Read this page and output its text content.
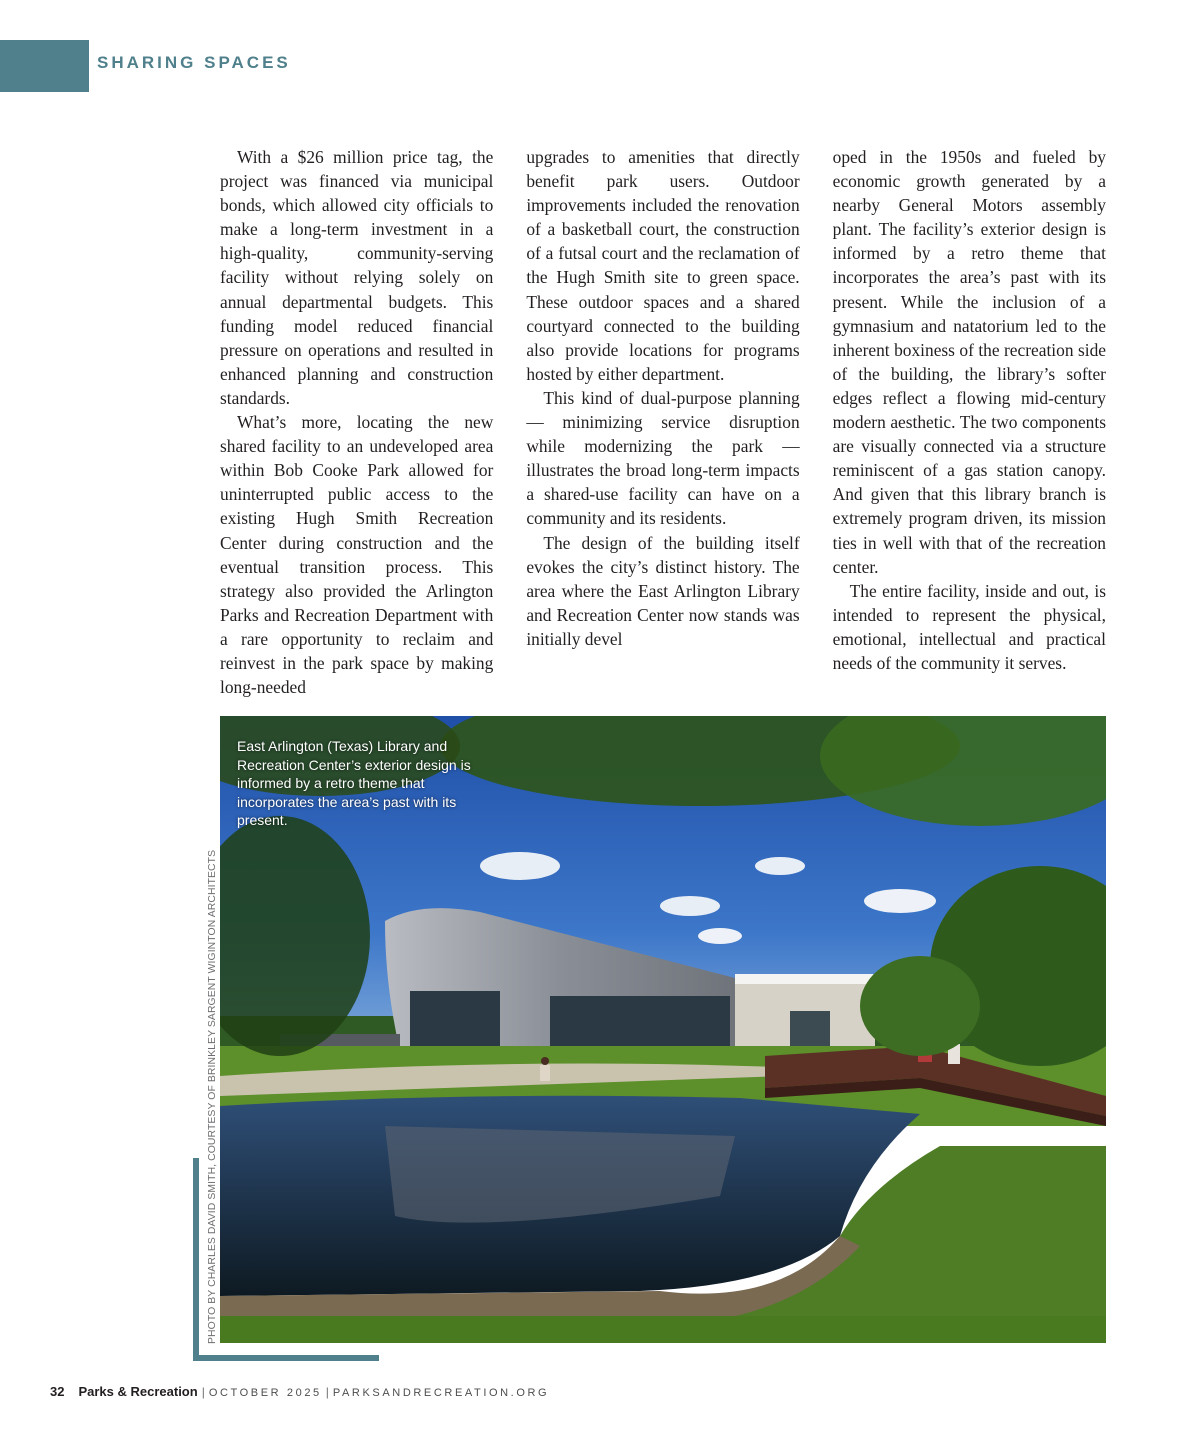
SHARING SPACES

With a $26 million price tag, the project was financed via municipal bonds, which allowed city officials to make a long-term investment in a high-quality, community-serving facility without relying solely on annual departmental budgets. This funding model reduced financial pressure on operations and resulted in enhanced planning and construction standards.

What’s more, locating the new shared facility to an undeveloped area within Bob Cooke Park allowed for uninterrupted public access to the existing Hugh Smith Recreation Center during construction and the eventual transition process. This strategy also provided the Arlington Parks and Recreation Department with a rare opportunity to reclaim and reinvest in the park space by making long-needed

upgrades to amenities that directly benefit park users. Outdoor improvements included the renovation of a basketball court, the construction of a futsal court and the reclamation of the Hugh Smith site to green space. These outdoor spaces and a shared courtyard connected to the building also provide locations for programs hosted by either department.

This kind of dual-purpose planning — minimizing service disruption while modernizing the park — illustrates the broad long-term impacts a shared-use facility can have on a community and its residents.

The design of the building itself evokes the city’s distinct history. The area where the East Arlington Library and Recreation Center now stands was initially devel

oped in the 1950s and fueled by economic growth generated by a nearby General Motors assembly plant. The facility’s exterior design is informed by a retro theme that incorporates the area’s past with its present. While the inclusion of a gymnasium and natatorium led to the inherent boxiness of the recreation side of the building, the library’s softer edges reflect a flowing mid-century modern aesthetic. The two components are visually connected via a structure reminiscent of a gas station canopy. And given that this library branch is extremely program driven, its mission ties in well with that of the recreation center.

The entire facility, inside and out, is intended to represent the physical, emotional, intellectual and practical needs of the community it serves.

East Arlington (Texas) Library and Recreation Center’s exterior design is informed by a retro theme that incorporates the area’s past with its present.
PHOTO BY CHARLES DAVID SMITH, COURTESY OF BRINKLEY SARGENT WIGINTON ARCHITECTS
32 Parks & Recreation | OCTOBER 2025 | PARKSANDRECREATION.ORG
